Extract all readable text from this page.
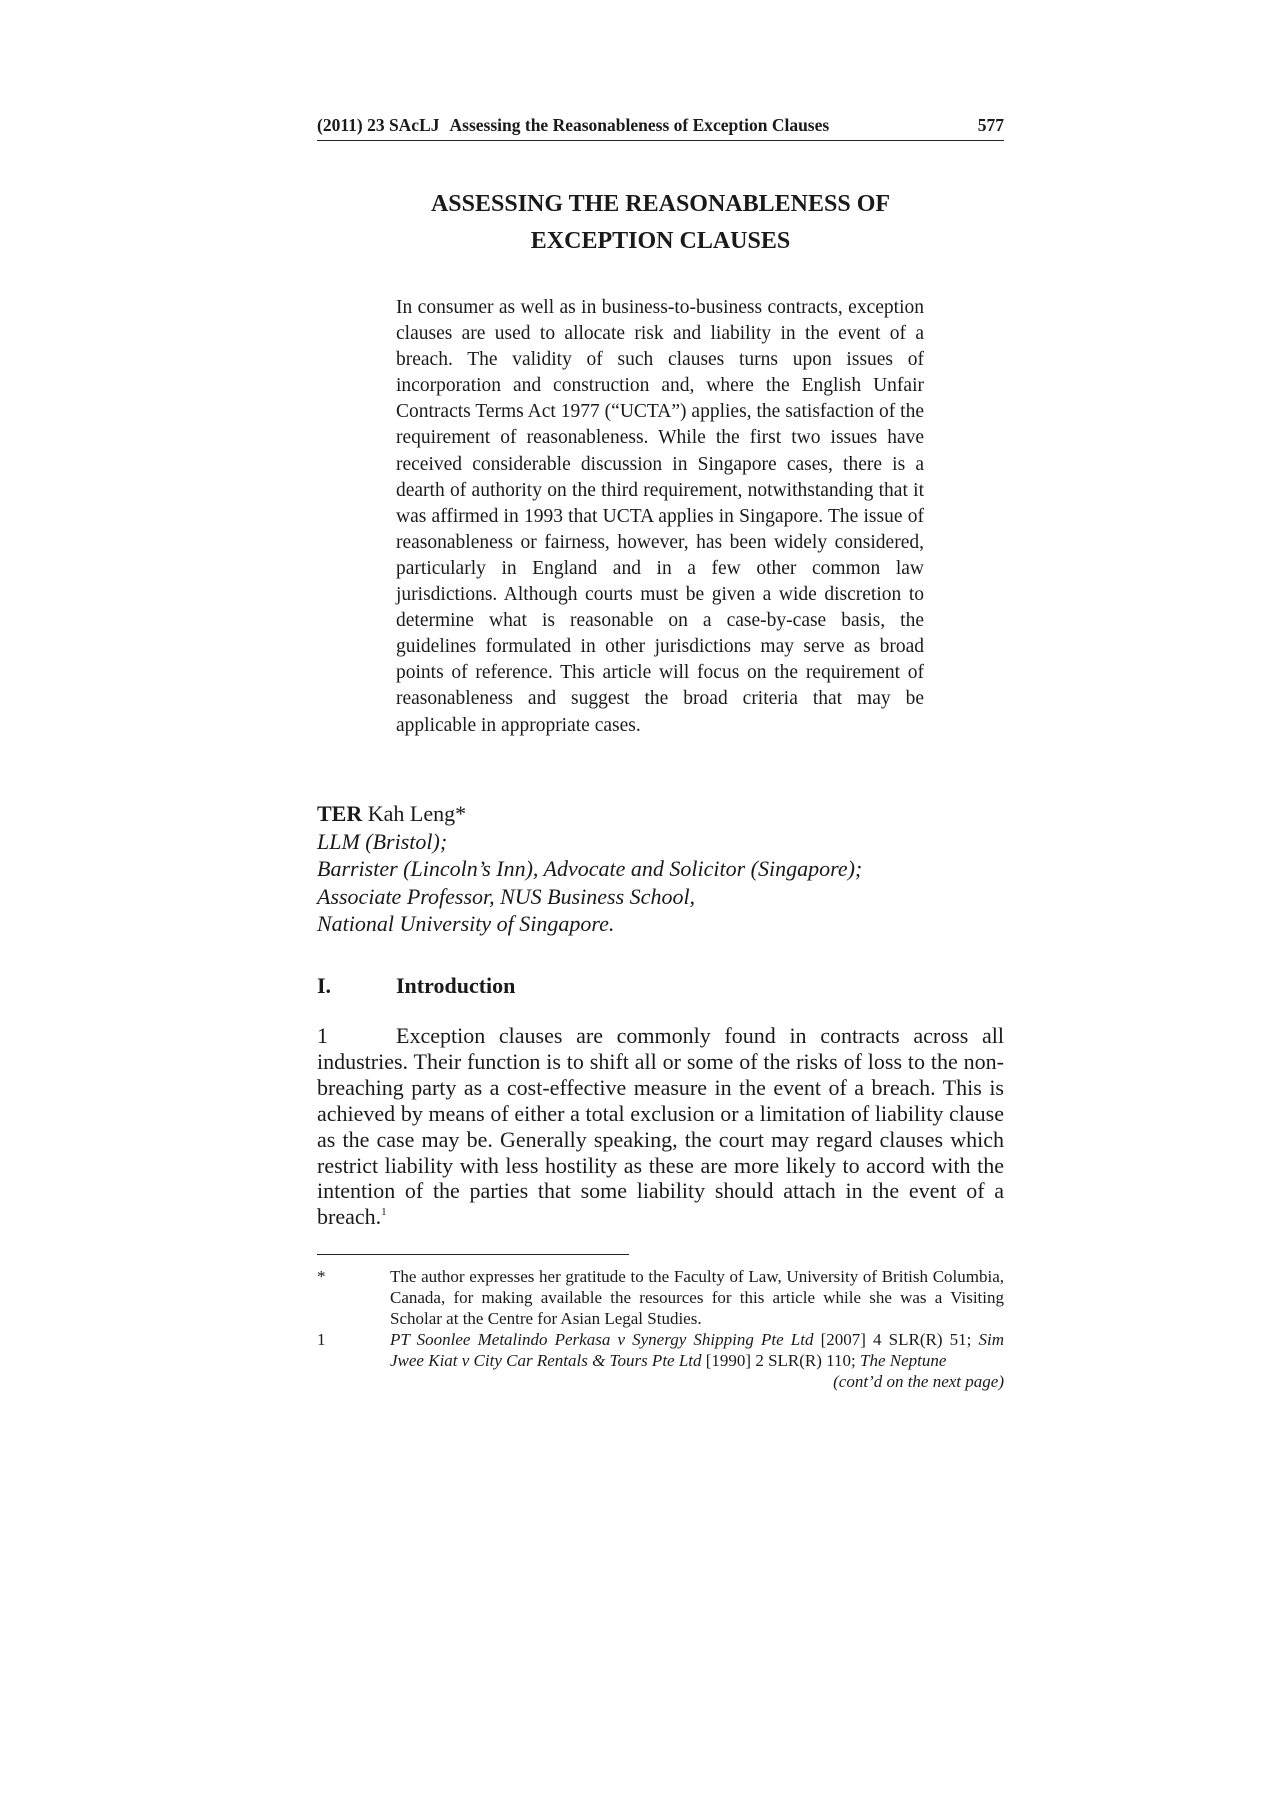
(2011) 23 SAcLJ Assessing the Reasonableness of Exception Clauses	577
ASSESSING THE REASONABLENESS OF
EXCEPTION CLAUSES

In consumer as well as in business-to-business contracts, exception clauses are used to allocate risk and liability in the event of a breach. The validity of such clauses turns upon issues of incorporation and construction and, where the English Unfair Contracts Terms Act 1977 (“UCTA”) applies, the satisfaction of the requirement of reasonableness. While the first two issues have received considerable discussion in Singapore cases, there is a dearth of authority on the third requirement, notwithstanding that it was affirmed in 1993 that UCTA applies in Singapore. The issue of reasonableness or fairness, however, has been widely considered, particularly in England and in a few other common law jurisdictions. Although courts must be given a wide discretion to determine what is reasonable on a case-by-case basis, the guidelines formulated in other jurisdictions may serve as broad points of reference. This article will focus on the requirement of reasonableness and suggest the broad criteria that may be applicable in appropriate cases.

TER Kah Leng*
LLM (Bristol);
Barrister (Lincoln’s Inn), Advocate and Solicitor (Singapore);
Associate Professor, NUS Business School,
National University of Singapore.
I.	Introduction

1	Exception clauses are commonly found in contracts across all industries. Their function is to shift all or some of the risks of loss to the non-breaching party as a cost-effective measure in the event of a breach. This is achieved by means of either a total exclusion or a limitation of liability clause as the case may be. Generally speaking, the court may regard clauses which restrict liability with less hostility as these are more likely to accord with the intention of the parties that some liability should attach in the event of a breach.$^1$

*	The author expresses her gratitude to the Faculty of Law, University of British Columbia, Canada, for making available the resources for this article while she was a Visiting Scholar at the Centre for Asian Legal Studies.
1	PT Soonlee Metalindo Perkasa v Synergy Shipping Pte Ltd [2007] 4 SLR(R) 51; Sim Jwee Kiat v City Car Rentals & Tours Pte Ltd [1990] 2 SLR(R) 110; The Neptune
(cont’d on the next page)
